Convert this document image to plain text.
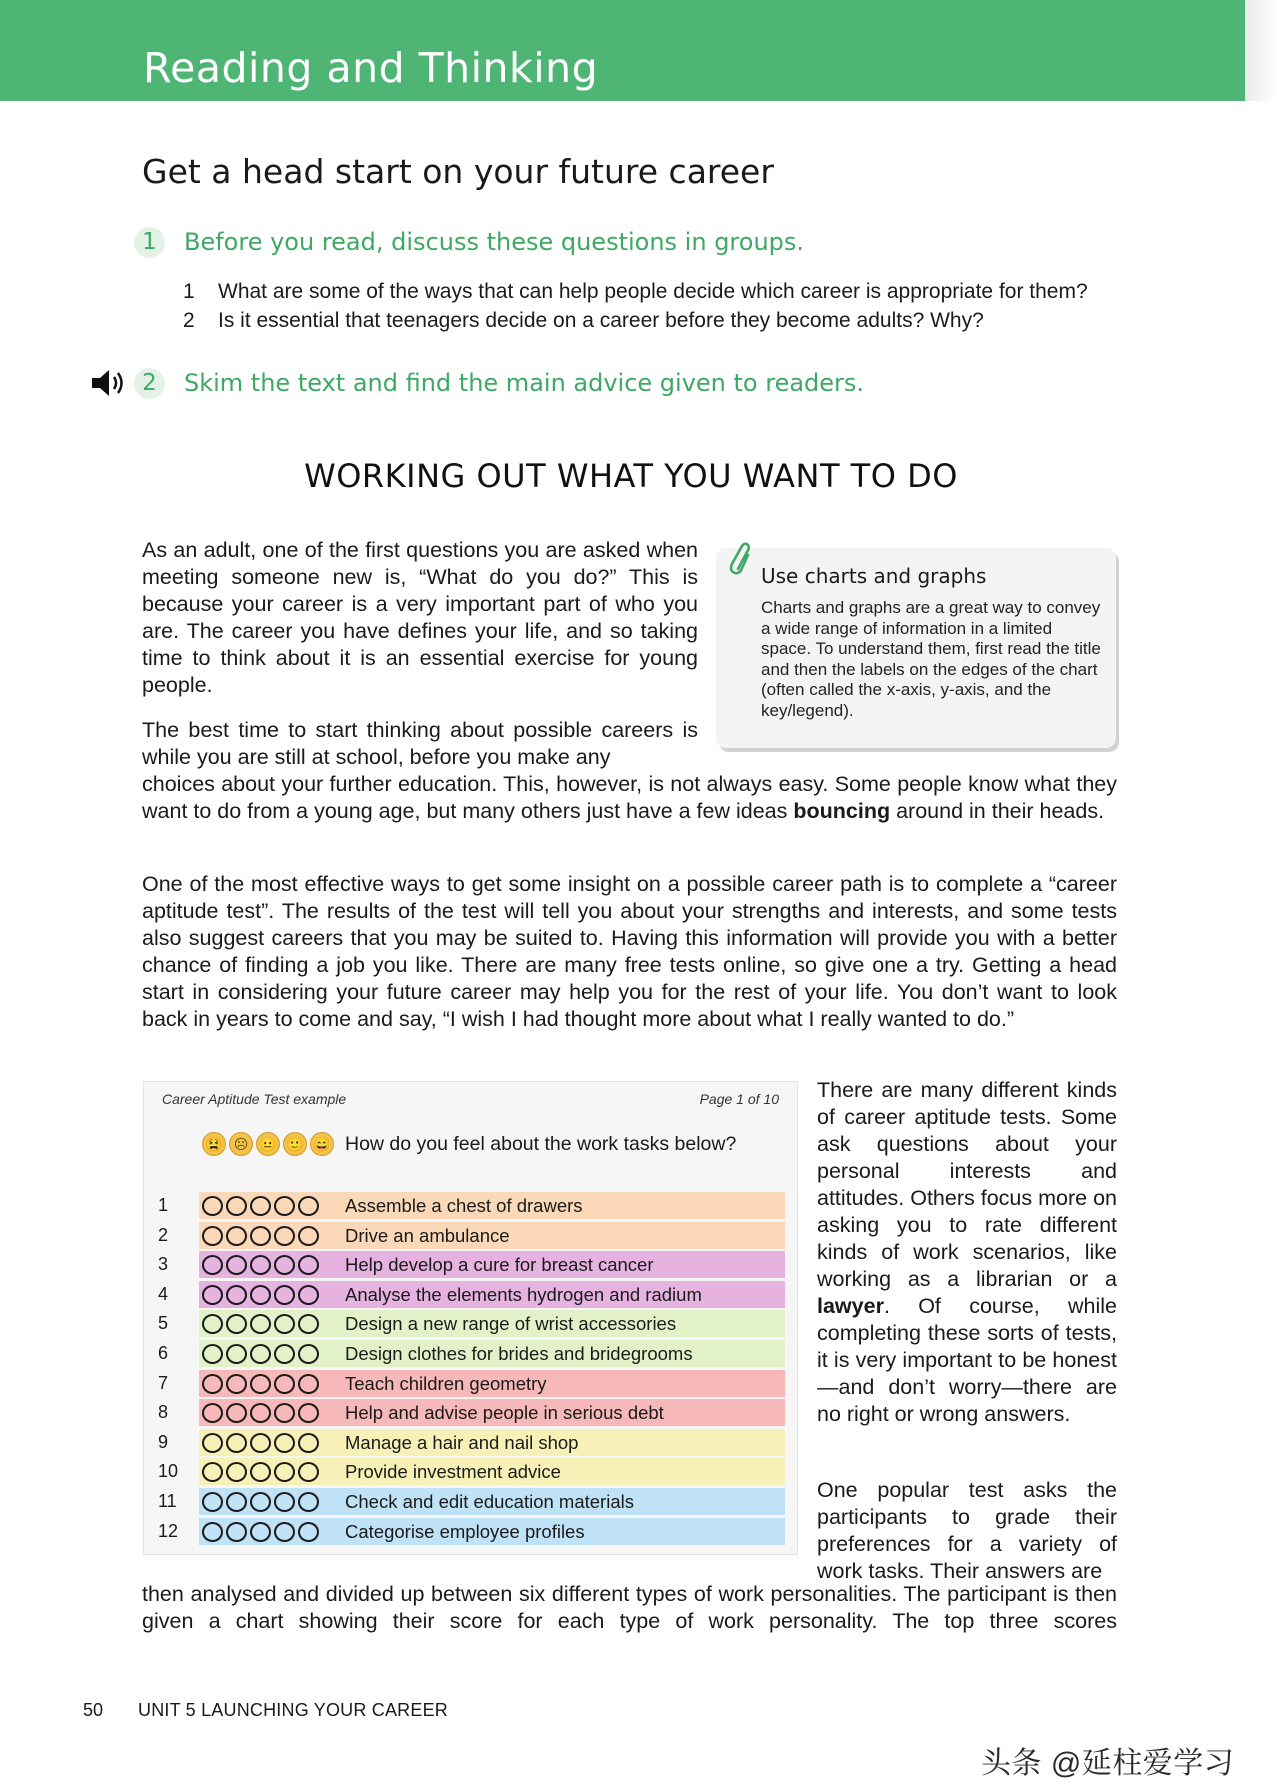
Reading and Thinking
Get a head start on your future career
1	Before you read, discuss these questions in groups.
1	What are some of the ways that can help people decide which career is appropriate for them?
2	Is it essential that teenagers decide on a career before they become adults? Why?
2	Skim the text and find the main advice given to readers.
WORKING OUT WHAT YOU WANT TO DO
As an adult, one of the first questions you are asked when meeting someone new is, “What do you do?” This is because your career is a very important part of who you are. The career you have defines your life, and so taking time to think about it is an essential exercise for young people.
Use charts and graphs
Charts and graphs are a great way to convey a wide range of information in a limited space. To understand them, first read the title and then the labels on the edges of the chart (often called the x-axis, y-axis, and the key/legend).
The best time to start thinking about possible careers is while you are still at school, before you make any
choices about your further education. This, however, is not always easy. Some people know what they want to do from a young age, but many others just have a few ideas bouncing around in their heads.
One of the most effective ways to get some insight on a possible career path is to complete a “career aptitude test”. The results of the test will tell you about your strengths and interests, and some tests also suggest careers that you may be suited to. Having this information will provide you with a better chance of finding a job you like. There are many free tests online, so give one a try. Getting a head start in considering your future career may help you for the rest of your life. You don’t want to look back in years to come and say, “I wish I had thought more about what I really wanted to do.”
Career Aptitude Test example	Page 1 of 10
😫 ☹ 😐 🙂 😄 How do you feel about the work tasks below?
1	Assemble a chest of drawers
2	Drive an ambulance
3	Help develop a cure for breast cancer
4	Analyse the elements hydrogen and radium
5	Design a new range of wrist accessories
6	Design clothes for brides and bridegrooms
7	Teach children geometry
8	Help and advise people in serious debt
9	Manage a hair and nail shop
10	Provide investment advice
11	Check and edit education materials
12	Categorise employee profiles
There are many different kinds of career aptitude tests. Some ask questions about your personal interests and attitudes. Others focus more on asking you to rate different kinds of work scenarios, like working as a librarian or a lawyer. Of course, while completing these sorts of tests, it is very important to be honest—and don’t worry—there are no right or wrong answers.
One popular test asks the participants to grade their preferences for a variety of work tasks. Their answers are
then analysed and divided up between six different types of work personalities. The participant is then given a chart showing their score for each type of work personality. The top three scores
50 UNIT 5 LAUNCHING YOUR CAREER
头条 @延柱爱学习
